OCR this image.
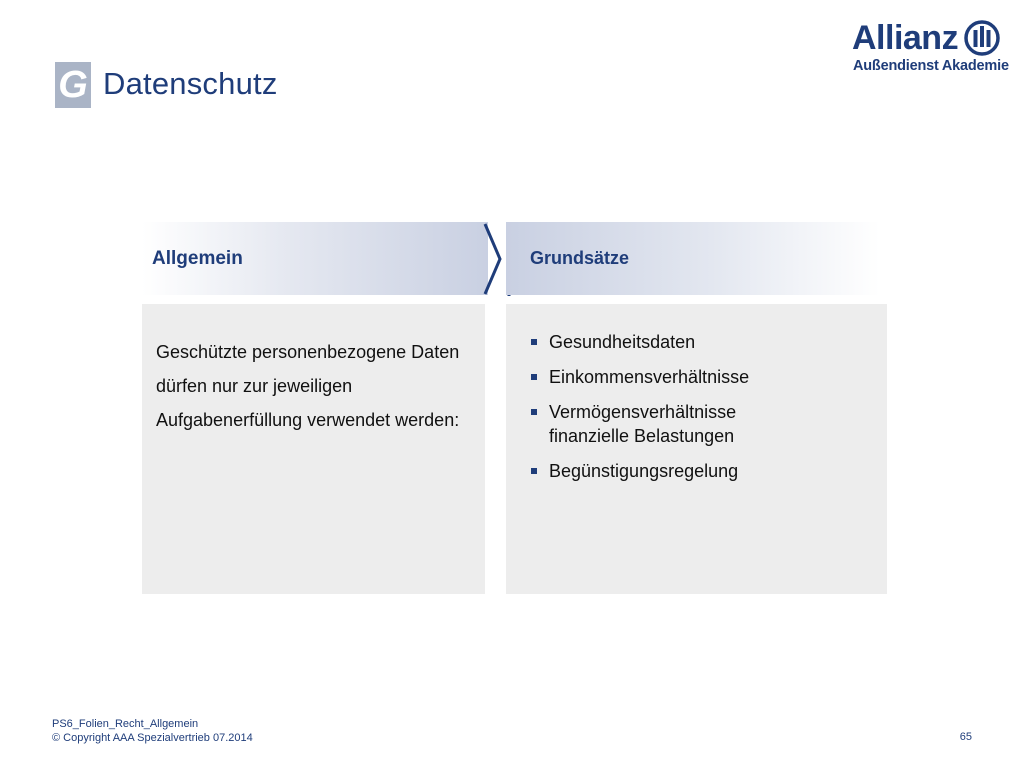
G Datenschutz
Allianz
Außendienst Akademie
Allgemein	Grundsätze
Geschützte personenbezogene Daten dürfen nur zur jeweiligen Aufgabenerfüllung verwendet werden:
Gesundheitsdaten
Einkommensverhältnisse
Vermögensverhältnisse
finanzielle Belastungen
Begünstigungsregelung
PS6_Folien_Recht_Allgemein
© Copyright AAA Spezialvertrieb 07.2014	65
